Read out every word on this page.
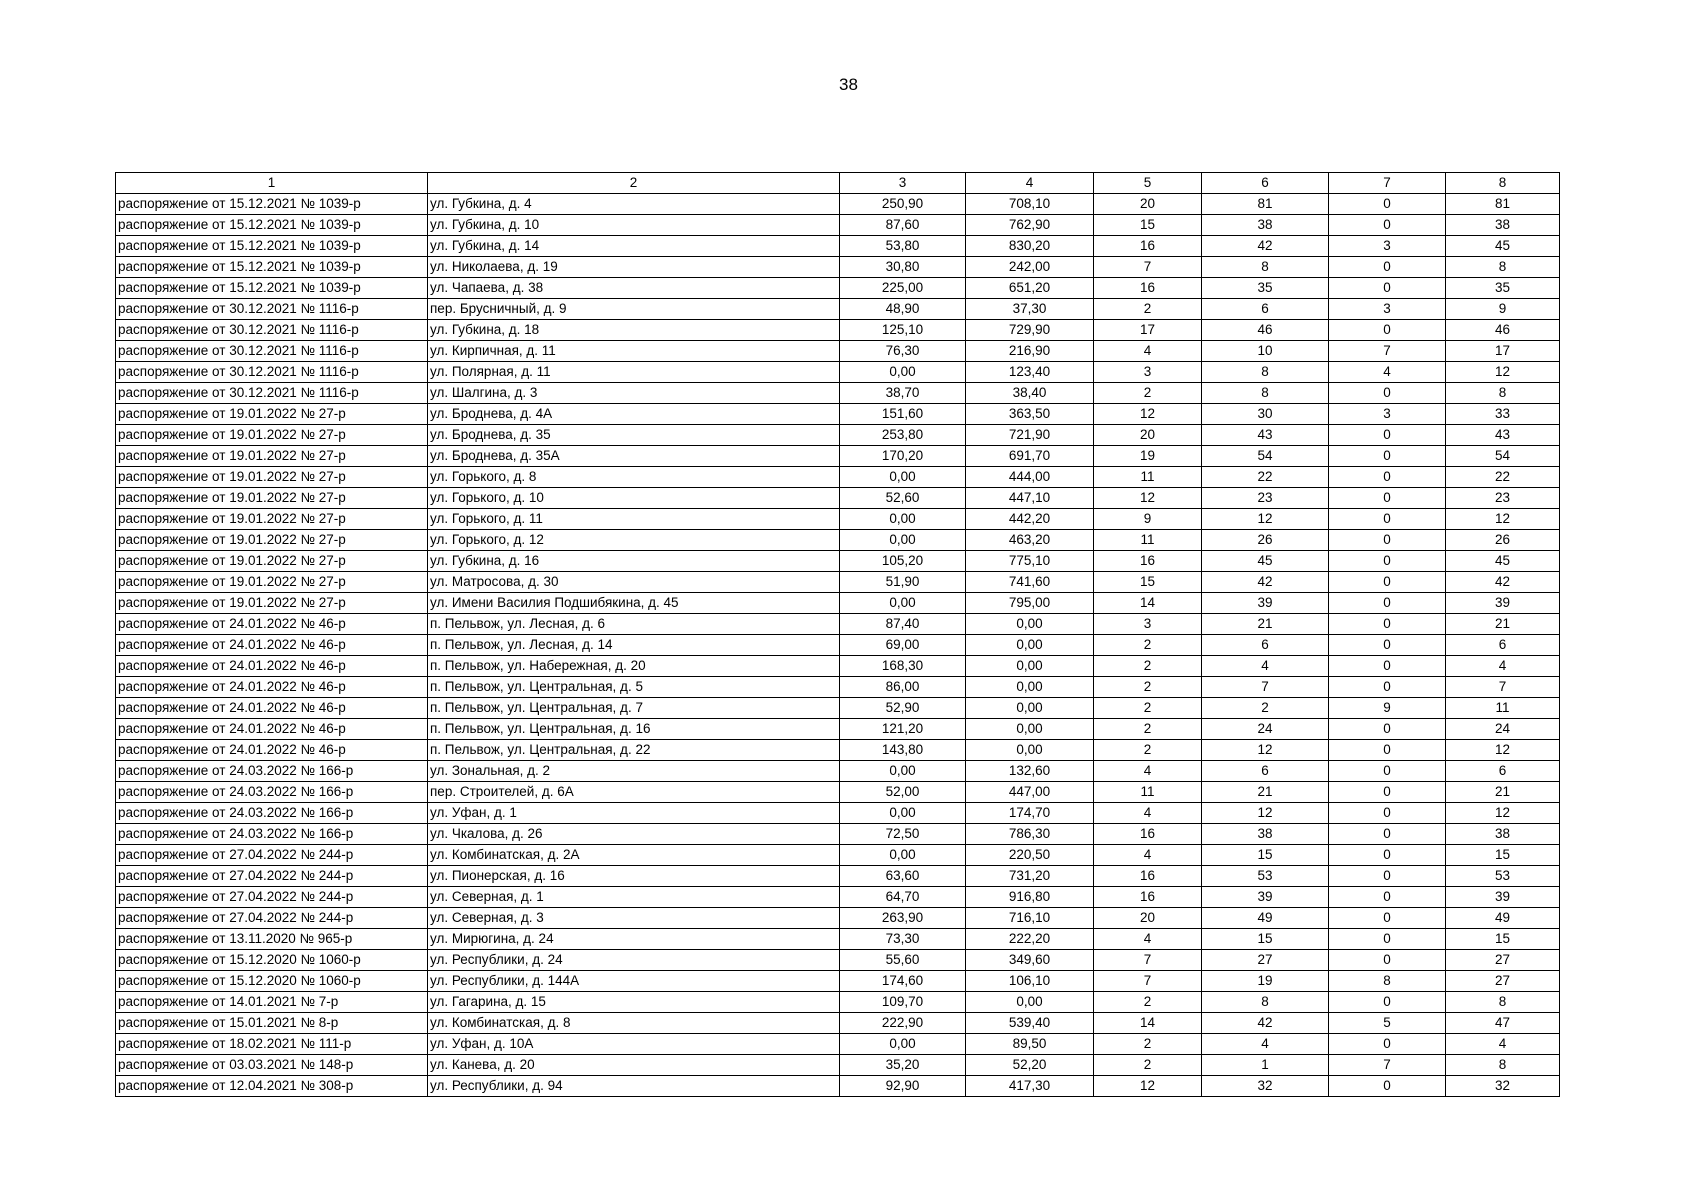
38
1	2	3	4	5	6	7	8
распоряжение от 15.12.2021 № 1039-р	ул. Губкина, д. 4	250,90	708,10	20	81	0	81
распоряжение от 15.12.2021 № 1039-р	ул. Губкина, д. 10	87,60	762,90	15	38	0	38
распоряжение от 15.12.2021 № 1039-р	ул. Губкина, д. 14	53,80	830,20	16	42	3	45
распоряжение от 15.12.2021 № 1039-р	ул. Николаева, д. 19	30,80	242,00	7	8	0	8
распоряжение от 15.12.2021 № 1039-р	ул. Чапаева, д. 38	225,00	651,20	16	35	0	35
распоряжение от 30.12.2021 № 1116-р	пер. Брусничный, д. 9	48,90	37,30	2	6	3	9
распоряжение от 30.12.2021 № 1116-р	ул. Губкина, д. 18	125,10	729,90	17	46	0	46
распоряжение от 30.12.2021 № 1116-р	ул. Кирпичная, д. 11	76,30	216,90	4	10	7	17
распоряжение от 30.12.2021 № 1116-р	ул. Полярная, д. 11	0,00	123,40	3	8	4	12
распоряжение от 30.12.2021 № 1116-р	ул. Шалгина, д. 3	38,70	38,40	2	8	0	8
распоряжение от 19.01.2022 № 27-р	ул. Броднева, д. 4А	151,60	363,50	12	30	3	33
распоряжение от 19.01.2022 № 27-р	ул. Броднева, д. 35	253,80	721,90	20	43	0	43
распоряжение от 19.01.2022 № 27-р	ул. Броднева, д. 35А	170,20	691,70	19	54	0	54
распоряжение от 19.01.2022 № 27-р	ул. Горького, д. 8	0,00	444,00	11	22	0	22
распоряжение от 19.01.2022 № 27-р	ул. Горького, д. 10	52,60	447,10	12	23	0	23
распоряжение от 19.01.2022 № 27-р	ул. Горького, д. 11	0,00	442,20	9	12	0	12
распоряжение от 19.01.2022 № 27-р	ул. Горького, д. 12	0,00	463,20	11	26	0	26
распоряжение от 19.01.2022 № 27-р	ул. Губкина, д. 16	105,20	775,10	16	45	0	45
распоряжение от 19.01.2022 № 27-р	ул. Матросова, д. 30	51,90	741,60	15	42	0	42
распоряжение от 19.01.2022 № 27-р	ул. Имени Василия Подшибякина, д. 45	0,00	795,00	14	39	0	39
распоряжение от 24.01.2022 № 46-р	п. Пельвож, ул. Лесная, д. 6	87,40	0,00	3	21	0	21
распоряжение от 24.01.2022 № 46-р	п. Пельвож, ул. Лесная, д. 14	69,00	0,00	2	6	0	6
распоряжение от 24.01.2022 № 46-р	п. Пельвож, ул. Набережная, д. 20	168,30	0,00	2	4	0	4
распоряжение от 24.01.2022 № 46-р	п. Пельвож, ул. Центральная, д. 5	86,00	0,00	2	7	0	7
распоряжение от 24.01.2022 № 46-р	п. Пельвож, ул. Центральная, д. 7	52,90	0,00	2	2	9	11
распоряжение от 24.01.2022 № 46-р	п. Пельвож, ул. Центральная, д. 16	121,20	0,00	2	24	0	24
распоряжение от 24.01.2022 № 46-р	п. Пельвож, ул. Центральная, д. 22	143,80	0,00	2	12	0	12
распоряжение от 24.03.2022 № 166-р	ул. Зональная, д. 2	0,00	132,60	4	6	0	6
распоряжение от 24.03.2022 № 166-р	пер. Строителей, д. 6А	52,00	447,00	11	21	0	21
распоряжение от 24.03.2022 № 166-р	ул. Уфан, д. 1	0,00	174,70	4	12	0	12
распоряжение от 24.03.2022 № 166-р	ул. Чкалова, д. 26	72,50	786,30	16	38	0	38
распоряжение от 27.04.2022 № 244-р	ул. Комбинатская, д. 2А	0,00	220,50	4	15	0	15
распоряжение от 27.04.2022 № 244-р	ул. Пионерская, д. 16	63,60	731,20	16	53	0	53
распоряжение от 27.04.2022 № 244-р	ул. Северная, д. 1	64,70	916,80	16	39	0	39
распоряжение от 27.04.2022 № 244-р	ул. Северная, д. 3	263,90	716,10	20	49	0	49
распоряжение от 13.11.2020 № 965-р	ул. Мирюгина, д. 24	73,30	222,20	4	15	0	15
распоряжение от 15.12.2020 № 1060-р	ул. Республики, д. 24	55,60	349,60	7	27	0	27
распоряжение от 15.12.2020 № 1060-р	ул. Республики, д. 144А	174,60	106,10	7	19	8	27
распоряжение от 14.01.2021 № 7-р	ул. Гагарина, д. 15	109,70	0,00	2	8	0	8
распоряжение от 15.01.2021 № 8-р	ул. Комбинатская, д. 8	222,90	539,40	14	42	5	47
распоряжение от 18.02.2021 № 111-р	ул. Уфан, д. 10А	0,00	89,50	2	4	0	4
распоряжение от 03.03.2021 № 148-р	ул. Канева, д. 20	35,20	52,20	2	1	7	8
распоряжение от 12.04.2021 № 308-р	ул. Республики, д. 94	92,90	417,30	12	32	0	32
